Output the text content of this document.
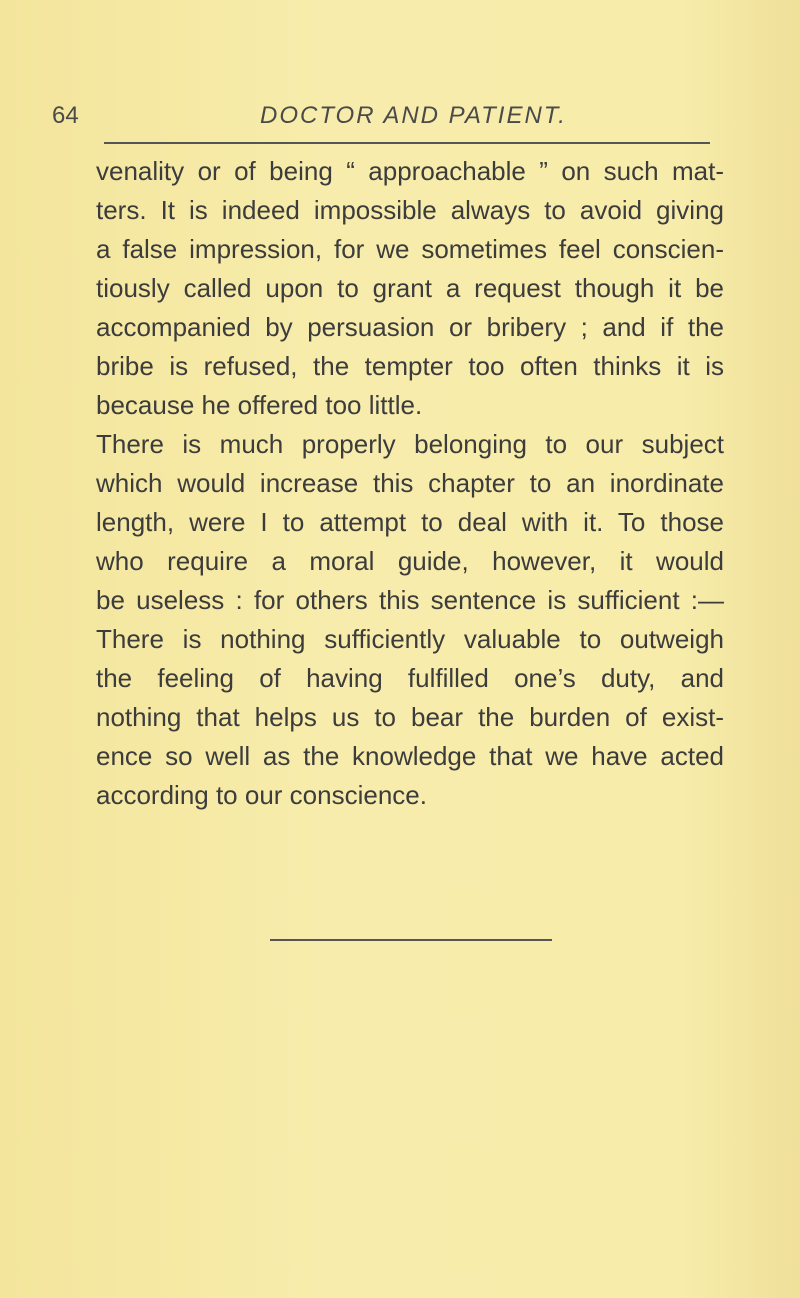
64	DOCTOR AND PATIENT.
venality or of being “ approachable ” on such mat-
ters. It is indeed impossible always to avoid giving
a false impression, for we sometimes feel conscien-
tiously called upon to grant a request though it be
accompanied by persuasion or bribery ; and if the
bribe is refused, the tempter too often thinks it is
because he offered too little.
There is much properly belonging to our subject
which would increase this chapter to an inordinate
length, were I to attempt to deal with it. To those
who require a moral guide, however, it would
be useless : for others this sentence is sufficient :—
There is nothing sufficiently valuable to outweigh
the feeling of having fulfilled one’s duty, and
nothing that helps us to bear the burden of exist-
ence so well as the knowledge that we have acted
according to our conscience.
